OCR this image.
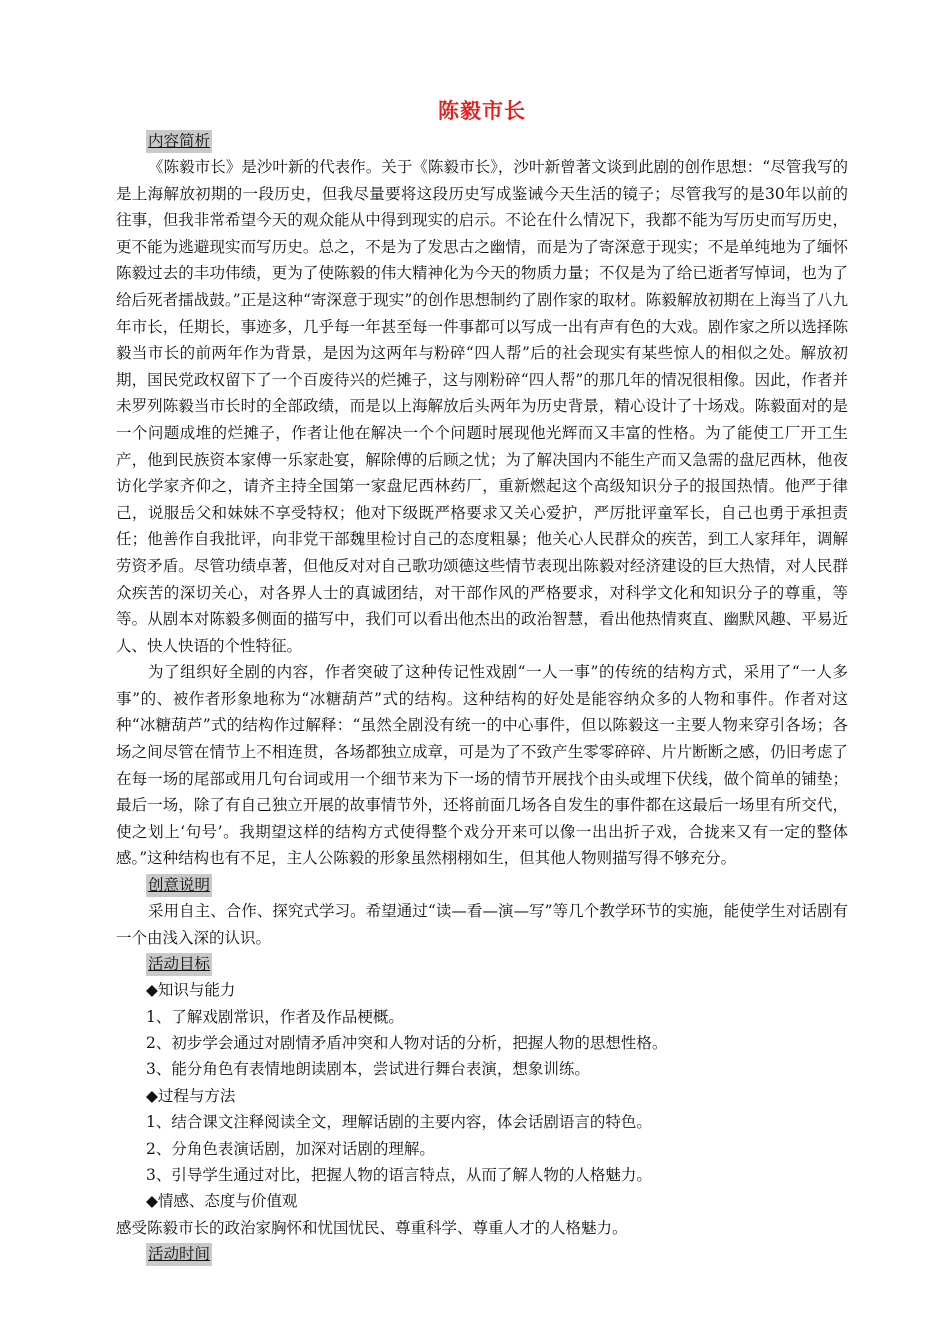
陈毅市长
内容简析

《陈毅市长》是沙叶新的代表作。关于《陈毅市长》，沙叶新曾著文谈到此剧的创作思想：“尽管我写的是上海解放初期的一段历史，但我尽量要将这段历史写成鉴诫今天生活的镜子；尽管我写的是30年以前的往事，但我非常希望今天的观众能从中得到现实的启示。不论在什么情况下，我都不能为写历史而写历史，更不能为逃避现实而写历史。总之，不是为了发思古之幽情，而是为了寄深意于现实；不是单纯地为了缅怀陈毅过去的丰功伟绩，更为了使陈毅的伟大精神化为今天的物质力量；不仅是为了给已逝者写悼词，也为了给后死者擂战鼓。”正是这种“寄深意于现实”的创作思想制约了剧作家的取材。陈毅解放初期在上海当了八九年市长，任期长，事迹多，几乎每一年甚至每一件事都可以写成一出有声有色的大戏。剧作家之所以选择陈毅当市长的前两年作为背景，是因为这两年与粉碎“四人帮”后的社会现实有某些惊人的相似之处。解放初期，国民党政权留下了一个百废待兴的烂摊子，这与刚粉碎“四人帮”的那几年的情况很相像。因此，作者并未罗列陈毅当市长时的全部政绩，而是以上海解放后头两年为历史背景，精心设计了十场戏。陈毅面对的是一个问题成堆的烂摊子，作者让他在解决一个个问题时展现他光辉而又丰富的性格。为了能使工厂开工生产，他到民族资本家傅一乐家赴宴，解除傅的后顾之忧；为了解决国内不能生产而又急需的盘尼西林，他夜访化学家齐仰之，请齐主持全国第一家盘尼西林药厂，重新燃起这个高级知识分子的报国热情。他严于律己，说服岳父和妹妹不享受特权；他对下级既严格要求又关心爱护，严厉批评童军长，自己也勇于承担责任；他善作自我批评，向非党干部魏里检讨自己的态度粗暴；他关心人民群众的疾苦，到工人家拜年，调解劳资矛盾。尽管功绩卓著，但他反对对自己歌功颂德这些情节表现出陈毅对经济建设的巨大热情，对人民群众疾苦的深切关心，对各界人士的真诚团结，对干部作风的严格要求，对科学文化和知识分子的尊重，等等。从剧本对陈毅多侧面的描写中，我们可以看出他杰出的政治智慧，看出他热情爽直、幽默风趣、平易近人、快人快语的个性特征。

为了组织好全剧的内容，作者突破了这种传记性戏剧“一人一事”的传统的结构方式，采用了“一人多事”的、被作者形象地称为“冰糖葫芦”式的结构。这种结构的好处是能容纳众多的人物和事件。作者对这种“冰糖葫芦”式的结构作过解释：“虽然全剧没有统一的中心事件，但以陈毅这一主要人物来穿引各场；各场之间尽管在情节上不相连贯，各场都独立成章，可是为了不致产生零零碎碎、片片断断之感，仍旧考虑了在每一场的尾部或用几句台词或用一个细节来为下一场的情节开展找个由头或埋下伏线，做个简单的铺垫；最后一场，除了有自己独立开展的故事情节外，还将前面几场各自发生的事件都在这最后一场里有所交代，使之划上‘句号’。我期望这样的结构方式使得整个戏分开来可以像一出出折子戏，合拢来又有一定的整体感。”这种结构也有不足，主人公陈毅的形象虽然栩栩如生，但其他人物则描写得不够充分。

创意说明

采用自主、合作、探究式学习。希望通过“读—看—演—写”等几个教学环节的实施，能使学生对话剧有一个由浅入深的认识。

活动目标
◆知识与能力
1、了解戏剧常识，作者及作品梗概。
2、初步学会通过对剧情矛盾冲突和人物对话的分析，把握人物的思想性格。
3、能分角色有表情地朗读剧本，尝试进行舞台表演，想象训练。
◆过程与方法
1、结合课文注释阅读全文，理解话剧的主要内容，体会话剧语言的特色。
2、分角色表演话剧，加深对话剧的理解。
3、引导学生通过对比，把握人物的语言特点，从而了解人物的人格魅力。
◆情感、态度与价值观
感受陈毅市长的政治家胸怀和忧国忧民、尊重科学、尊重人才的人格魅力。
活动时间
